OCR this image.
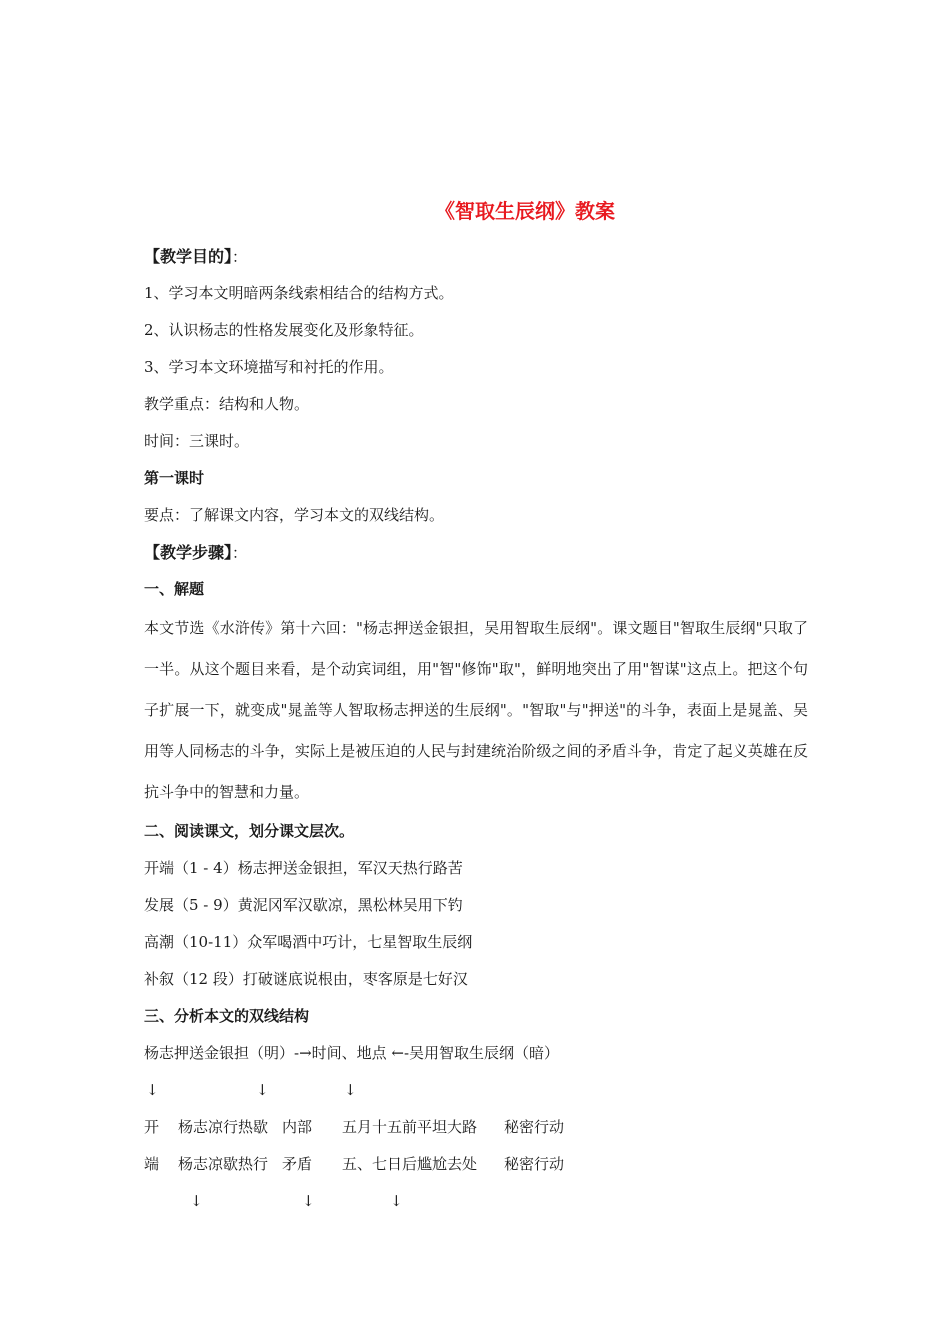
《智取生辰纲》教案
【教学目的】：
1、学习本文明暗两条线索相结合的结构方式。
2、认识杨志的性格发展变化及形象特征。
3、学习本文环境描写和衬托的作用。
教学重点：结构和人物。
时间：三课时。
第一课时
要点：了解课文内容，学习本文的双线结构。
【教学步骤】：
一、解题

本文节选《水浒传》第十六回："杨志押送金银担，吴用智取生辰纲"。课文题目"智取生辰纲"只取了一半。从这个题目来看，是个动宾词组，用"智"修饰"取"，鲜明地突出了用"智谋"这点上。把这个句子扩展一下，就变成"晁盖等人智取杨志押送的生辰纲"。"智取"与"押送"的斗争，表面上是晁盖、吴用等人同杨志的斗争，实际上是被压迫的人民与封建统治阶级之间的矛盾斗争，肯定了起义英雄在反抗斗争中的智慧和力量。

二、阅读课文，划分课文层次。
开端（1 - 4）杨志押送金银担，军汉天热行路苦
发展（5 - 9）黄泥冈军汉歇凉，黑松林吴用下钓
高潮（10-11）众军喝酒中巧计，七星智取生辰纲
补叙（12 段）打破谜底说根由，枣客原是七好汉
三、分析本文的双线结构
杨志押送金银担（明）-→时间、地点 ←-吴用智取生辰纲（暗）
↓	↓	↓
开 杨志凉行热歇 内部 五月十五前平坦大路 秘密行动
端 杨志凉歇热行 矛盾 五、七日后尴尬去处 秘密行动
↓	↓	↓
